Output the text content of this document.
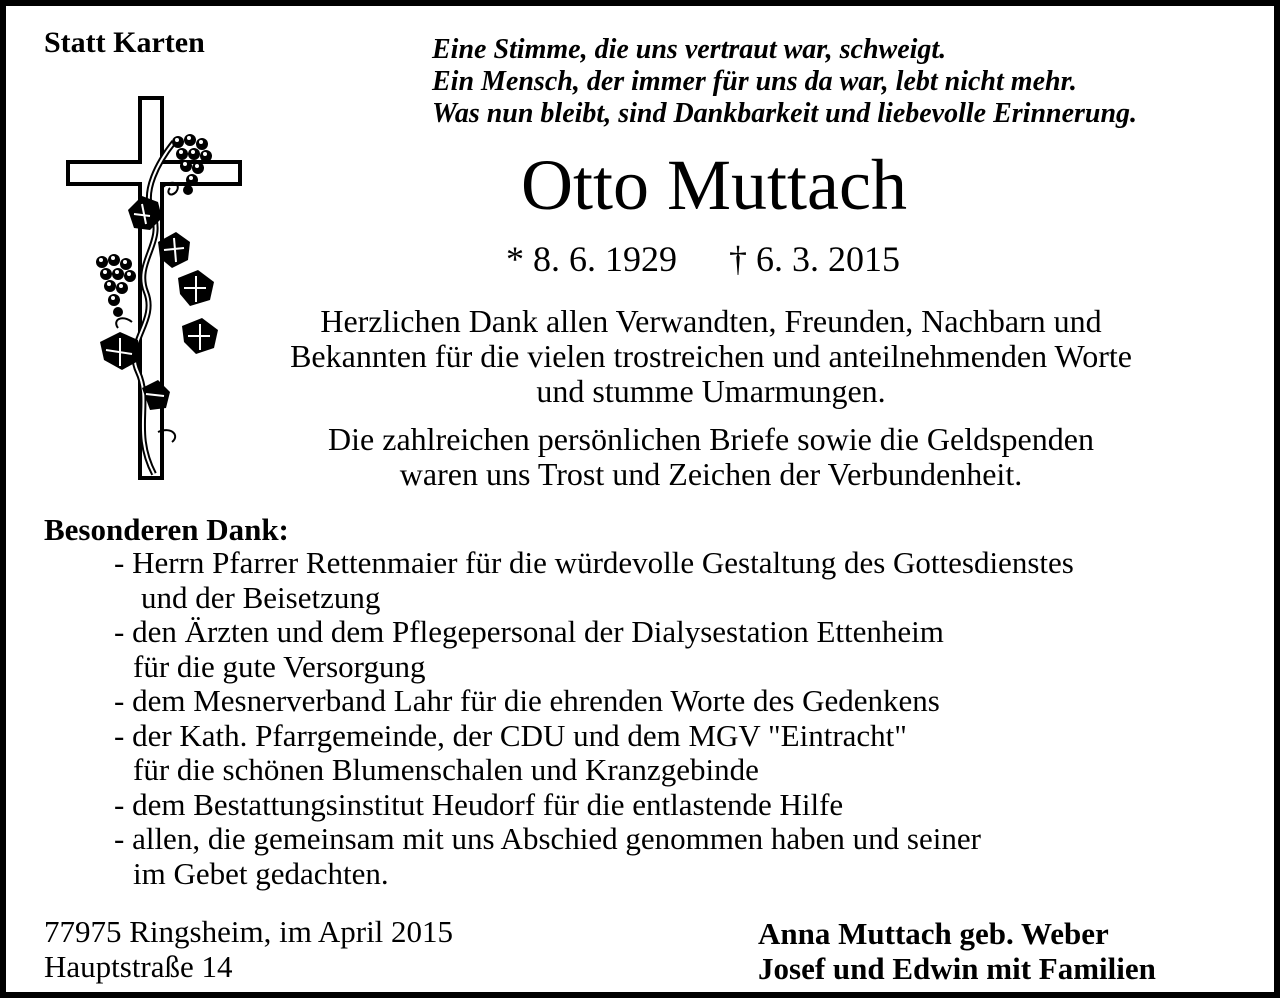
Statt Karten	Eine Stimme, die uns vertraut war, schweigt.
Ein Mensch, der immer für uns da war, lebt nicht mehr.
Was nun bleibt, sind Dankbarkeit und liebevolle Erinnerung.
Otto Muttach
* 8. 6. 1929 † 6. 3. 2015
Herzlichen Dank allen Verwandten, Freunden, Nachbarn und
Bekannten für die vielen trostreichen und anteilnehmenden Worte
und stumme Umarmungen.
Die zahlreichen persönlichen Briefe sowie die Geldspenden
waren uns Trost und Zeichen der Verbundenheit.
Besonderen Dank:
- Herrn Pfarrer Rettenmaier für die würdevolle Gestaltung des Gottesdienstes
und der Beisetzung
- den Ärzten und dem Pflegepersonal der Dialysestation Ettenheim
für die gute Versorgung
- dem Mesnerverband Lahr für die ehrenden Worte des Gedenkens
- der Kath. Pfarrgemeinde, der CDU und dem MGV "Eintracht"
für die schönen Blumenschalen und Kranzgebinde
- dem Bestattungsinstitut Heudorf für die entlastende Hilfe
- allen, die gemeinsam mit uns Abschied genommen haben und seiner
im Gebet gedachten.
77975 Ringsheim, im April 2015
Hauptstraße 14
Anna Muttach geb. Weber
Josef und Edwin mit Familien
